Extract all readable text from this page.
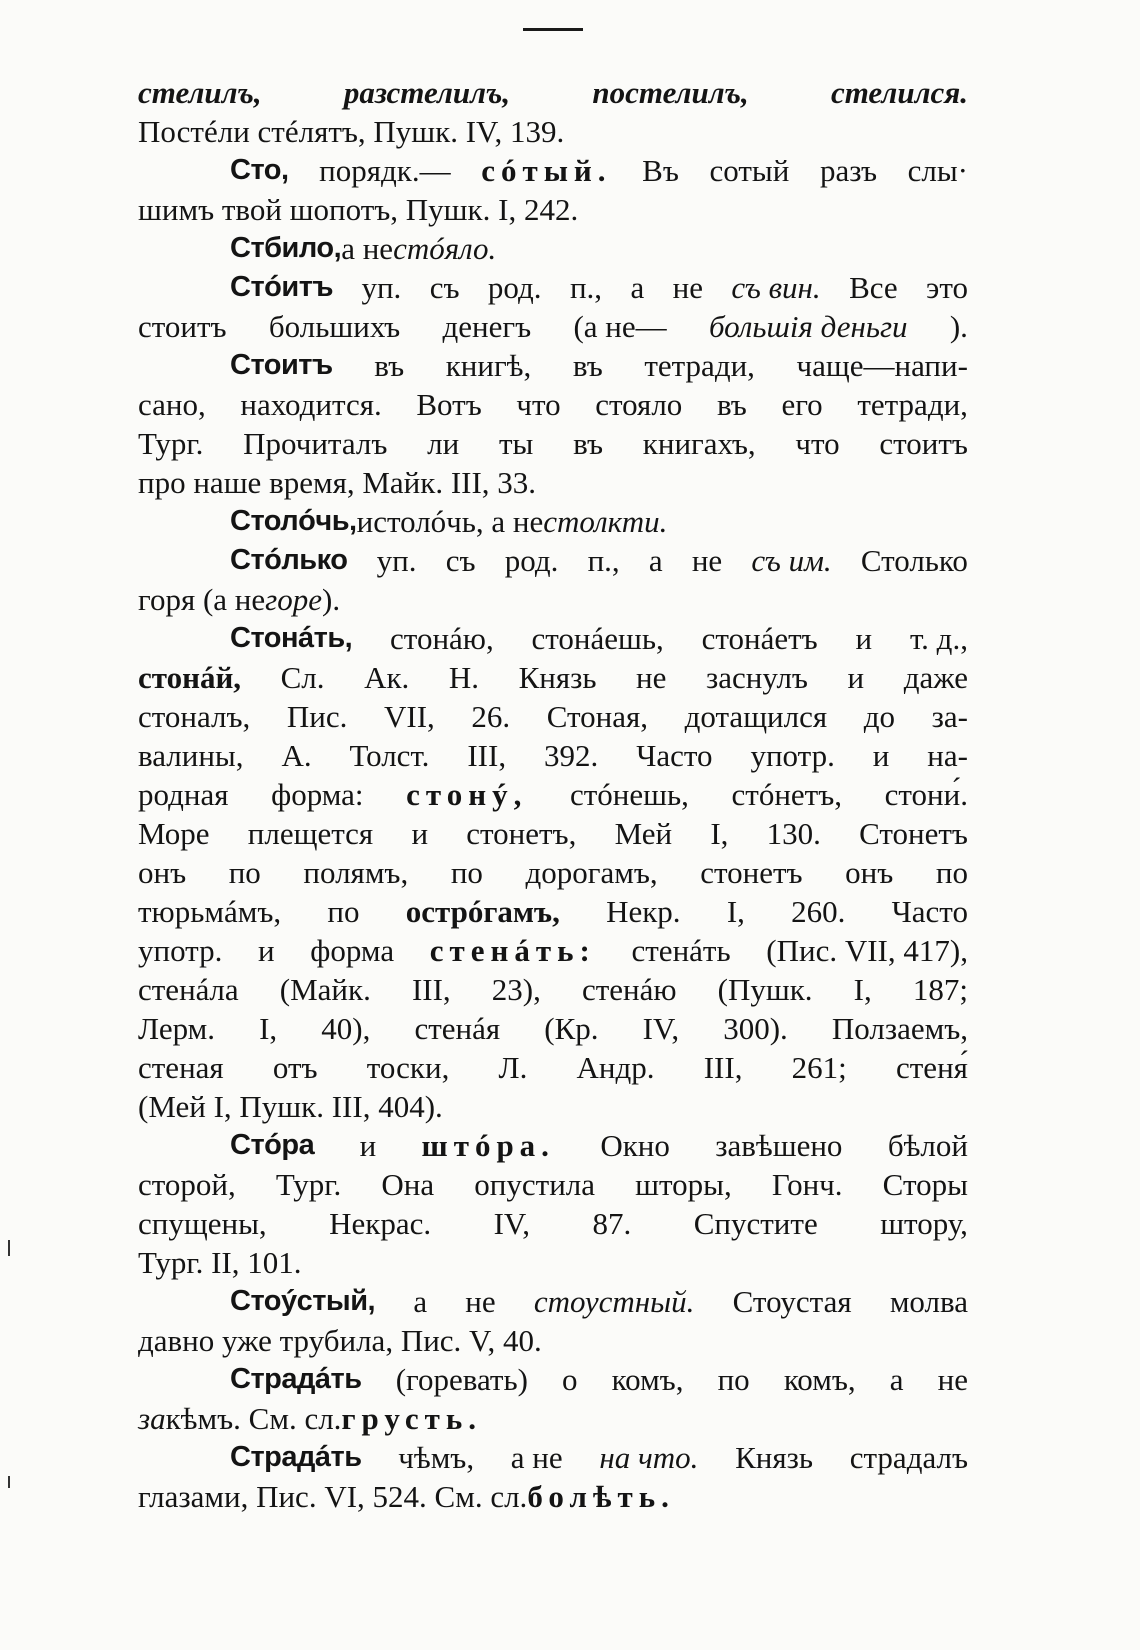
стелилъ,	разстелилъ,	постелилъ,	стелился.
Постéли стéлятъ, Пушк. IV, 139.
Сто, порядк.— сóтый. Въ сотый разъ слы·
шимъ твой шопотъ, Пушк. I, 242.
Стбило, а не стóяло.
Стóитъ уп. съ род. п., а не съ вин. Все это
стоитъ большихъ денегъ (а не— большія деньги ).
Стоитъ въ книгѣ, въ тетради, чаще—напи-
сано, находится. Вотъ что стояло въ его тетради,
Тург. Прочиталъ ли ты въ книгахъ, что стоитъ
про наше время, Майк. III, 33.
Столóчь, истолóчь, а не столкти.
Стóлько уп. съ род. п., а не съ им. Столько
горя (а не горе ).
Стонáть, стонáю, стонáешь, стонáетъ и т. д.,
стонáй, Сл. Ак. Н. Князь не заснулъ и даже
стоналъ, Пис. VII, 26. Стоная, дотащился до за-
валины, А. Толст. III, 392. Часто употр. и на-
родная форма: стонý, стóнешь, стóнетъ, стони́.
Море плещется и стонетъ, Мей I, 130. Стонетъ
онъ по полямъ, по дорогамъ, стонетъ онъ по
тюрьмáмъ, по острóгамъ, Некр. I, 260. Часто
употр. и форма стенáть: стенáть (Пис. VII, 417),
стенáла (Майк. III, 23), стенáю (Пушк. I, 187;
Лерм. I, 40), стенáя (Кр. IV, 300). Ползаемъ,
стеная отъ тоски, Л. Андр. III, 261; стеня́
(Мей I, Пушк. III, 404).
Стóра и штóра. Окно завѣшено бѣлой
сторой, Тург. Она опустила шторы, Гонч. Сторы
спущены, Некрас. IV, 87. Спустите штору,
Тург. II, 101.
Стоýстый, а не стоустный. Стоустая молва
давно уже трубила, Пис. V, 40.
Страдáть (горевать) о комъ, по комъ, а не
за кѣмъ. См. сл. грусть.
Страдáть чѣмъ, а не на что. Князь страдалъ
глазами, Пис. VI, 524. См. сл. болѣть.
